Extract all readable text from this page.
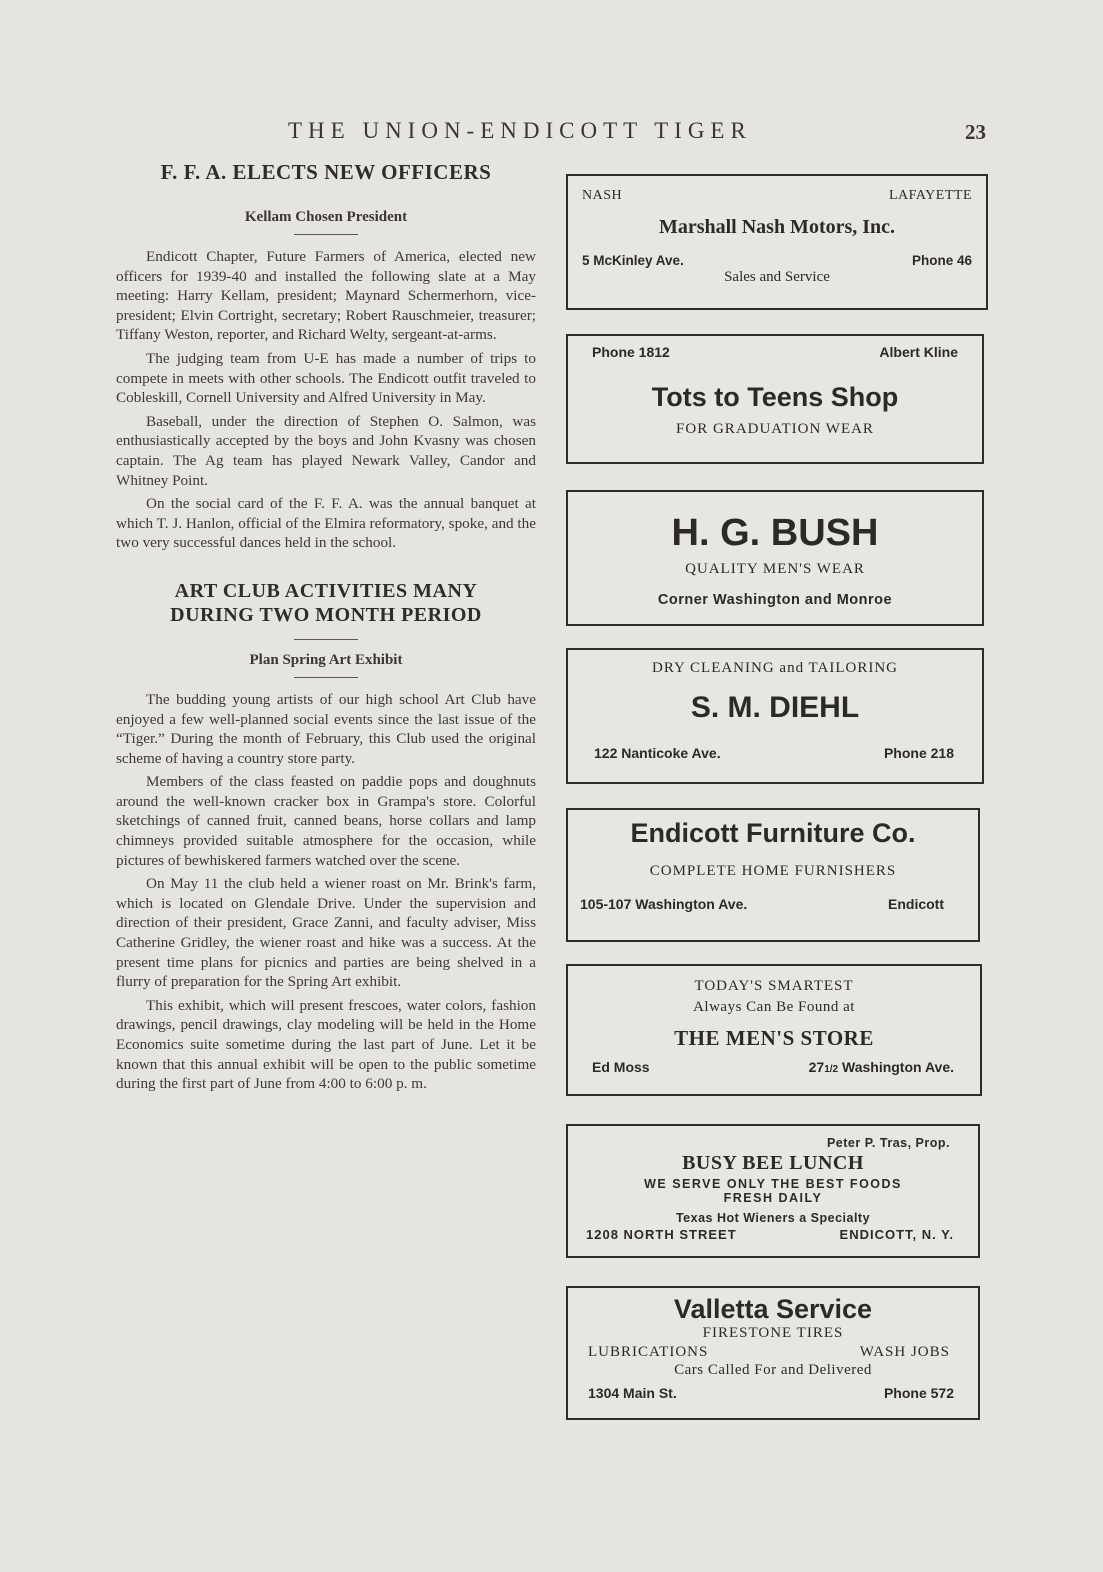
THE UNION-ENDICOTT TIGER	23
F. F. A. ELECTS NEW OFFICERS
Kellam Chosen President

Endicott Chapter, Future Farmers of America, elected new officers for 1939-40 and installed the following slate at a May meeting: Harry Kellam, president; Maynard Schermerhorn, vice-president; Elvin Cortright, secretary; Robert Rauschmeier, treasurer; Tiffany Weston, reporter, and Richard Welty, sergeant-at-arms.

The judging team from U-E has made a number of trips to compete in meets with other schools. The Endicott outfit traveled to Cobleskill, Cornell University and Alfred University in May.

Baseball, under the direction of Stephen O. Salmon, was enthusiastically accepted by the boys and John Kvasny was chosen captain. The Ag team has played Newark Valley, Candor and Whitney Point.

On the social card of the F. F. A. was the annual banquet at which T. J. Hanlon, official of the Elmira reformatory, spoke, and the two very successful dances held in the school.

ART CLUB ACTIVITIES MANY
DURING TWO MONTH PERIOD
Plan Spring Art Exhibit

The budding young artists of our high school Art Club have enjoyed a few well-planned social events since the last issue of the “Tiger.” During the month of February, this Club used the original scheme of having a country store party.

Members of the class feasted on paddie pops and doughnuts around the well-known cracker box in Grampa's store. Colorful sketchings of canned fruit, canned beans, horse collars and lamp chimneys provided suitable atmosphere for the occasion, while pictures of bewhiskered farmers watched over the scene.

On May 11 the club held a wiener roast on Mr. Brink's farm, which is located on Glendale Drive. Under the supervision and direction of their president, Grace Zanni, and faculty adviser, Miss Catherine Gridley, the wiener roast and hike was a success. At the present time plans for picnics and parties are being shelved in a flurry of preparation for the Spring Art exhibit.

This exhibit, which will present frescoes, water colors, fashion drawings, pencil drawings, clay modeling will be held in the Home Economics suite sometime during the last part of June. Let it be known that this annual exhibit will be open to the public sometime during the first part of June from 4:00 to 6:00 p. m.

NASH	LAFAYETTE
Marshall Nash Motors, Inc.
5 McKinley Ave.	Phone 46
Sales and Service
Phone 1812	Albert Kline
Tots to Teens Shop
FOR GRADUATION WEAR
H. G. BUSH
QUALITY MEN'S WEAR
Corner Washington and Monroe
DRY CLEANING and TAILORING
S. M. DIEHL
122 Nanticoke Ave.	Phone 218
Endicott Furniture Co.
COMPLETE HOME FURNISHERS
105-107 Washington Ave.	Endicott
TODAY'S SMARTEST
Always Can Be Found at
THE MEN'S STORE
Ed Moss	271/2 Washington Ave.
Peter P. Tras, Prop.
BUSY BEE LUNCH
WE SERVE ONLY THE BEST FOODS
FRESH DAILY
Texas Hot Wieners a Specialty
1208 NORTH STREET	ENDICOTT, N. Y.
Valletta Service
FIRESTONE TIRES
LUBRICATIONS	WASH JOBS
Cars Called For and Delivered
1304 Main St.	Phone 572
